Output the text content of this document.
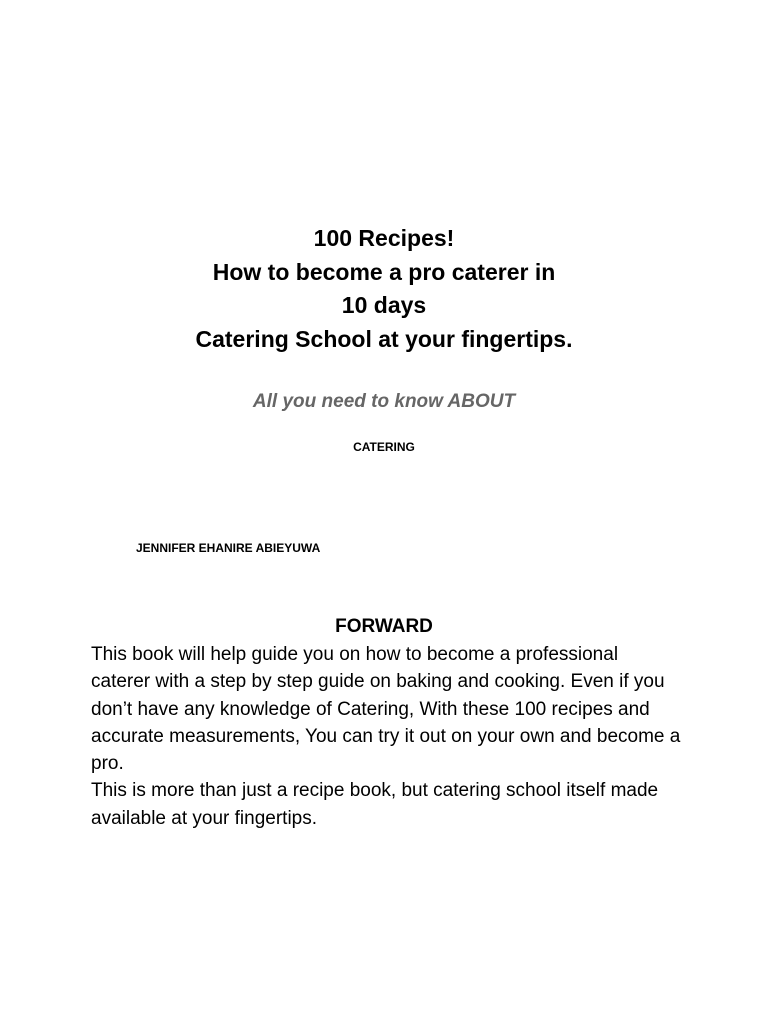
100 Recipes!
How to become a pro caterer in
10 days
Catering School at your fingertips.
All you need to know ABOUT
CATERING
JENNIFER EHANIRE ABIEYUWA
FORWARD

This book will help guide you on how to become a professional caterer with a step by step guide on baking and cooking. Even if you don’t have any knowledge of Catering, With these 100 recipes and accurate measurements, You can try it out on your own and become a pro.

This is more than just a recipe book, but catering school itself made available at your fingertips.
